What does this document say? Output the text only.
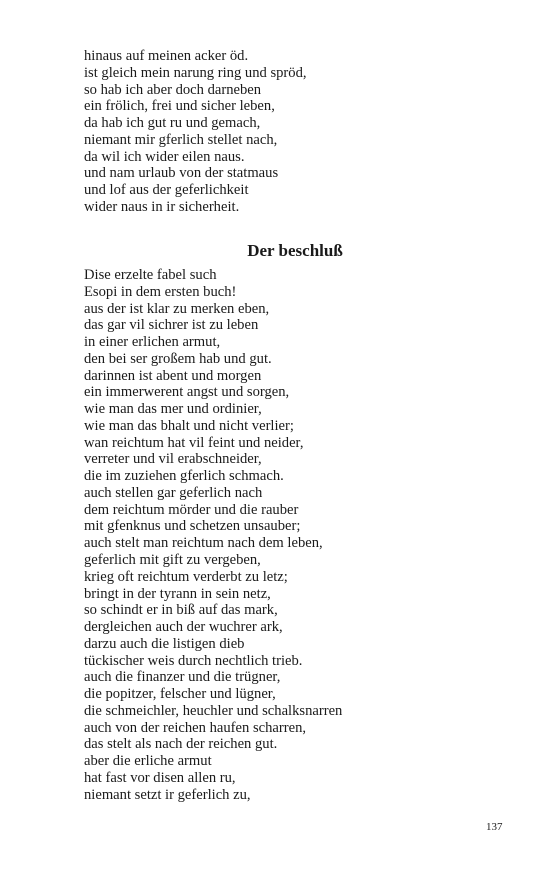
hinaus auf meinen acker öd.
ist gleich mein narung ring und spröd,
so hab ich aber doch darneben
ein frölich, frei und sicher leben,
da hab ich gut ru und gemach,
niemant mir gferlich stellet nach,
da wil ich wider eilen naus.
und nam urlaub von der statmaus
und lof aus der geferlichkeit
wider naus in ir sicherheit.
Der beschluß
Dise erzelte fabel such
Esopi in dem ersten buch!
aus der ist klar zu merken eben,
das gar vil sichrer ist zu leben
in einer erlichen armut,
den bei ser großem hab und gut.
darinnen ist abent und morgen
ein immerwerent angst und sorgen,
wie man das mer und ordinier,
wie man das bhalt und nicht verlier;
wan reichtum hat vil feint und neider,
verreter und vil erabschneider,
die im zuziehen gferlich schmach.
auch stellen gar geferlich nach
dem reichtum mörder und die rauber
mit gfenknus und schetzen unsauber;
auch stelt man reichtum nach dem leben,
geferlich mit gift zu vergeben,
krieg oft reichtum verderbt zu letz;
bringt in der tyrann in sein netz,
so schindt er in biß auf das mark,
dergleichen auch der wuchrer ark,
darzu auch die listigen dieb
tückischer weis durch nechtlich trieb.
auch die finanzer und die trügner,
die popitzer, felscher und lügner,
die schmeichler, heuchler und schalksnarren
auch von der reichen haufen scharren,
das stelt als nach der reichen gut.
aber die erliche armut
hat fast vor disen allen ru,
niemant setzt ir geferlich zu,

137
